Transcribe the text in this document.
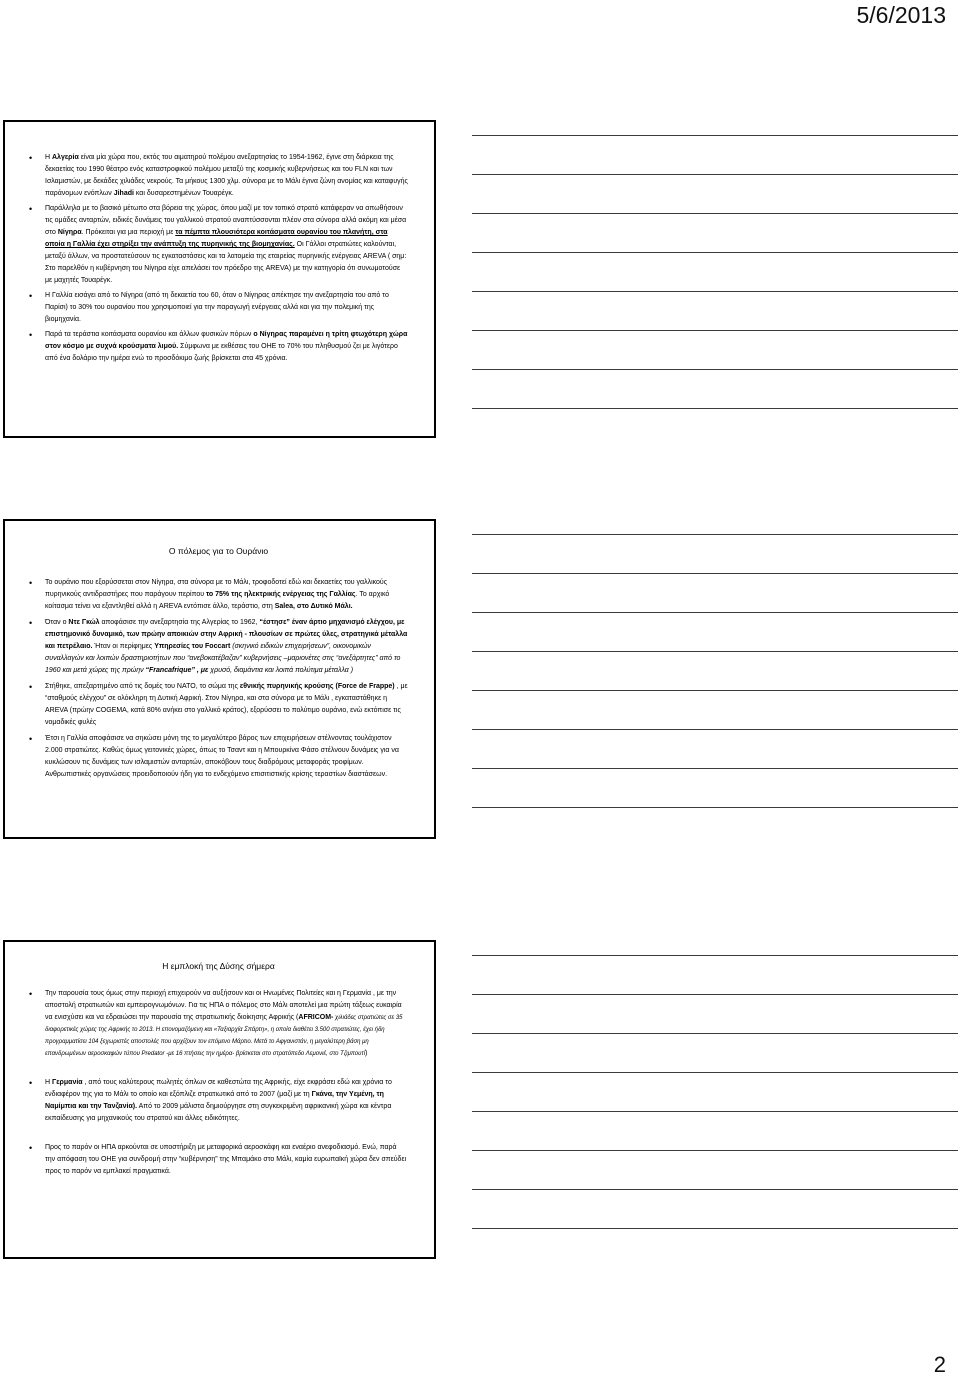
5/6/2013
• Η Αλγερία είναι μία χώρα που, εκτός του αιματηρού πολέμου ανεξαρτησίας το 1954-1962, έγινε στη διάρκεια της δεκαετίας του 1990 θέατρο ενός καταστροφικού πολέμου μεταξύ της κοσμικής κυβερνήσεως και του FLN και των Ισλαμιστών, με δεκάδες χιλιάδες νεκρούς. Τα μήκους 1300 χλμ. σύνορα με το Μάλι έγινα ζώνη ανομίας και καταφυγής παράνομων ενόπλων Jihadi και δυσαρεστημένων Τουαρέγκ.
• Παράλληλα με το βασικό μέτωπο στα βόρεια της χώρας, όπου μαζί με τον τοπικό στρατό κατάφεραν να απωθήσουν τις ομάδες ανταρτών, ειδικές δυνάμεις του γαλλικού στρατού αναπτύσσονται πλέον στα σύνορα αλλά ακόμη και μέσα στο Νίγηρα. Πρόκειται για μια περιοχή με τα πέμπτα πλουσιότερα κοιτάσματα ουρανίου του πλανήτη, στα οποία η Γαλλία έχει στηρίξει την ανάπτυξη της πυρηνικής της βιομηχανίας. Οι Γάλλοι στρατιώτες καλούνται, μεταξύ άλλων, να προστατεύσουν τις εγκαταστάσεις και τα λατομεία της εταιρείας πυρηνικής ενέργειας AREVA ( σημ: Στο παρελθόν η κυβέρνηση του Νίγηρα είχε απελάσει τον πρόεδρο της AREVA) με την κατηγορία ότι συνωμοτούσε με μαχητές Τουαρέγκ.
• Η Γαλλία εισάγει από το Νίγηρα (από τη δεκαετία του 60, όταν ο Νίγηρας απέκτησε την ανεξαρτησία του από το Παρίσι) το 30% του ουρανίου που χρησιμοποιεί για την παραγωγή ενέργειας αλλά και για την πολεμική της βιομηχανία.
• Παρά τα τεράστια κοιτάσματα ουρανίου και άλλων φυσικών πόρων ο Νίγηρας παραμένει η τρίτη φτωχότερη χώρα στον κόσμο με συχνά κρούσματα λιμού. Σύμφωνα με εκθέσεις του ΟΗΕ το 70% του πληθυσμού ζει με λιγότερο από ένα δολάριο την ημέρα ενώ το προσδόκιμο ζωής βρίσκεται στα 45 χρόνια.
Ο πόλεμος για το Ουράνιο
• Το ουράνιο που εξορύσσεται στον Νίγηρα, στα σύνορα με το Μάλι, τροφοδοτεί εδώ και δεκαετίες του γαλλικούς πυρηνικούς αντιδραστήρες που παράγουν περίπου το 75% της ηλεκτρικής ενέργειας της Γαλλίας. Το αρχικό κοίτασμα τείνει να εξαντληθεί αλλά η AREVA εντόπισε άλλο, τεράστιο, στη Salea, στο Δυτικό Μάλι.
• Όταν ο Ντε Γκώλ αποφάσισε την ανεξαρτησία της Αλγερίας το 1962, “έστησε” έναν άρτιο μηχανισμό ελέγχου, με επιστημονικό δυναμικό, των πρώην αποικιών στην Αφρική - πλουσίων σε πρώτες ύλες, στρατηγικά μέταλλα και πετρέλαιο. Ήταν οι περίφημες Υπηρεσίες του Foccart (σκηνικό ειδικών επιχειρήσεων”, οικονομικών συναλλαγών και λοιπών δραστηριοτήτων που “ανεβοκατέβαζαν” κυβερνήσεις –μαριονέτες στις “ανεξάρτητες” από το 1960 και μετά χώρες της πρώην “Francafrique” , με χρυσό, διαμάντια και λοιπά πολύτιμα μέταλλα )
• Στήθηκε, απεξαρτημένο από τις δομές του ΝΑΤΟ, το σώμα της εθνικής πυρηνικής κρούσης (Force de Frappe) , με “σταθμούς ελέγχου” σε ολόκληρη τη Δυτική Αφρική. Στον Νίγηρα, και στα σύνορα με το Μάλι , εγκαταστάθηκε η AREVA (πρώην COGEMA, κατά 80% ανήκει στο γαλλικό κράτος), εξορύσσει το πολύτιμο ουράνιο, ενώ εκτόπισε τις νομαδικές φυλές
• Έτσι η Γαλλία αποφάσισε να σηκώσει μόνη της το μεγαλύτερο βάρος των επιχειρήσεων στέλνοντας τουλάχιστον 2.000 στρατιώτες. Καθώς όμως γειτονικές χώρες, όπως το Τσαντ και η Μπουρκίνα Φάσο στέλνουν δυνάμεις για να κυκλώσουν τις δυνάμεις των ισλαμιστών ανταρτών, αποκόβουν τους διαδρόμους μεταφοράς τροφίμων. Ανθρωπιστικές οργανώσεις προειδοποιούν ήδη για το ενδεχόμενο επισιτιστικής κρίσης τεραστίων διαστάσεων.
Η εμπλοκή της Δύσης σήμερα
• Την παρουσία τους όμως στην περιοχή επιχειρούν να αυξήσουν και οι Ηνωμένες Πολιτείες και η Γερμανία , με την αποστολή στρατιωτών και εμπειρογνωμόνων. Για τις ΗΠΑ ο πόλεμος στο Μάλι αποτελεί μια πρώτη τάξεως ευκαιρία να ενισχύσει και να εδραιώσει την παρουσία της στρατιωτικής διοίκησης Αφρικής (AFRICOM- χιλιάδες στρατιώτες σε 35 διαφορετικές χώρες της Αφρικής το 2013. Η επονομαζόμενη και «Ταξιαρχία Σπάρτη», η οποία διαθέτει 3.500 στρατιώτες, έχει ήδη προγραμματίσει 104 ξεχωριστές αποστολές που αρχίζουν τον επόμενο Μάρτιο. Μετά το Αφγανιστάν, η μεγαλύτερη βάση μη επανδρωμένων αεροσκαφών τύπου Predator -με 16 πτήσεις την ημέρα- βρίσκεται στο στρατόπεδο Λεμονιέ, στο Τζιμπουτί)
• Η Γερμανία , από τους καλύτερους πωλητές όπλων σε καθεστώτα της Αφρικής, είχε εκφράσει εδώ και χρόνια το ενδιαφέρον της για το Μάλι το οποίο και εξόπλιζε στρατιωτικά από το 2007 (μαζί με τη Γκάνα, την Υεμένη, τη Ναμίμπια και την Τανζανία). Από το 2009 μάλιστα δημιούργησε στη συγκεκριμένη αφρικανική χώρα και κέντρα εκπαίδευσης για μηχανικούς του στρατού και άλλες ειδικότητες.
• Προς το παρόν οι ΗΠΑ αρκούνται σε υποστήριξη με μεταφορικά αεροσκάφη και εναέριο ανεφοδιασμό. Ενώ, παρά την απόφαση του ΟΗΕ για συνδρομή στην “κυβέρνηση” της Μπαμάκο στο Μάλι, καμία ευρωπαϊκή χώρα δεν σπεύδει προς το παρόν να εμπλακεί πραγματικά.
2
